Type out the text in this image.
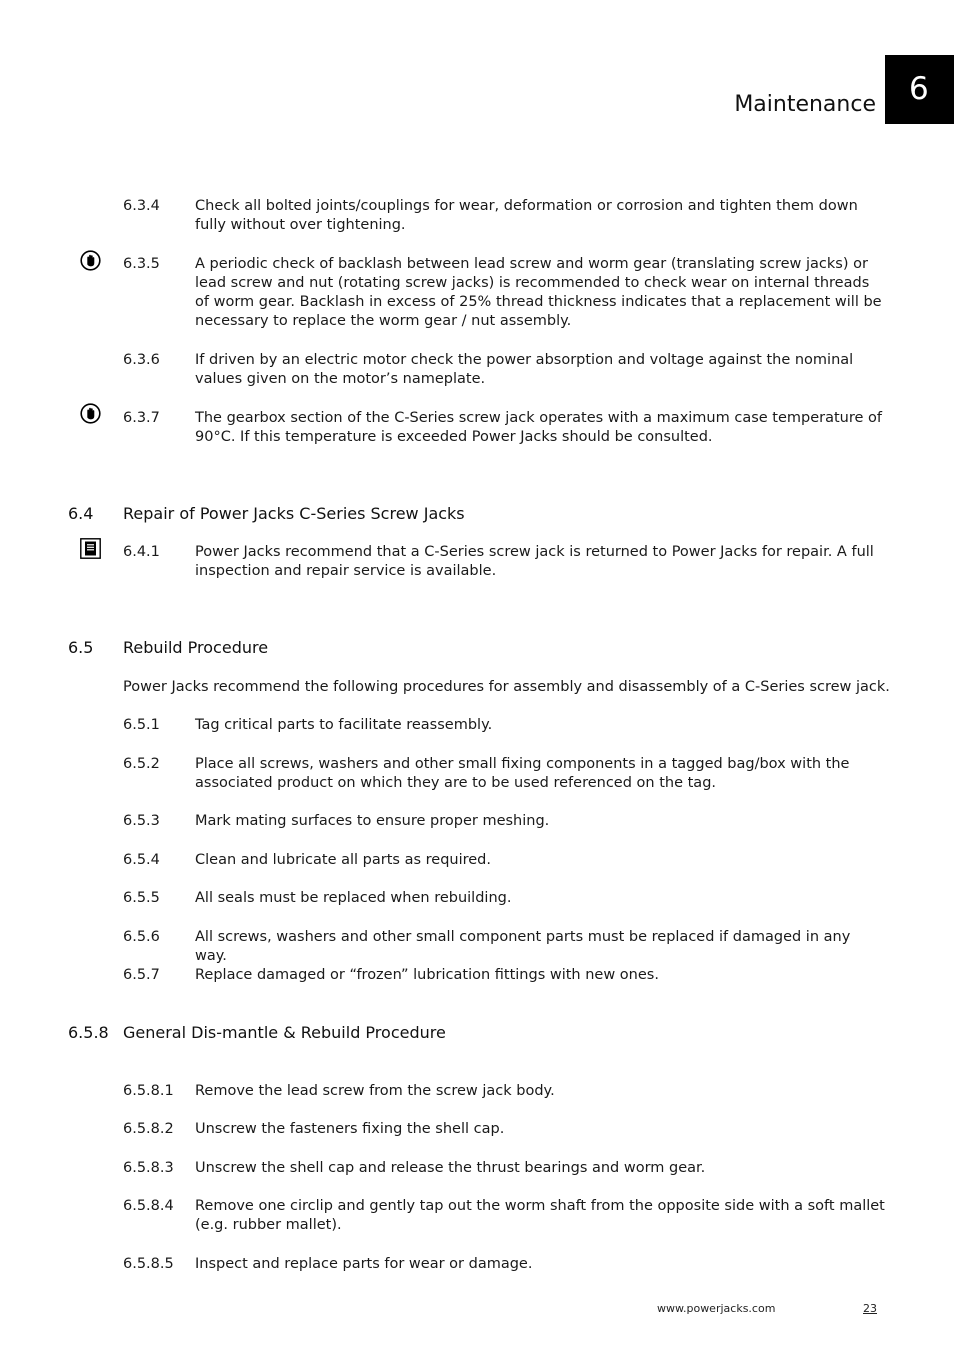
Maintenance	6
6.3.4 Check all bolted joints/couplings for wear, deformation or corrosion and tighten them down fully without over tightening.
6.3.5 A periodic check of backlash between lead screw and worm gear (translating screw jacks) or lead screw and nut (rotating screw jacks) is recommended to check wear on internal threads of worm gear. Backlash in excess of 25% thread thickness indicates that a replacement will be necessary to replace the worm gear / nut assembly.
6.3.6 If driven by an electric motor check the power absorption and voltage against the nominal values given on the motor’s nameplate.
6.3.7 The gearbox section of the C-Series screw jack operates with a maximum case temperature of 90°C. If this temperature is exceeded Power Jacks should be consulted.
6.4 Repair of Power Jacks C-Series Screw Jacks
6.4.1 Power Jacks recommend that a C-Series screw jack is returned to Power Jacks for repair. A full inspection and repair service is available.
6.5 Rebuild Procedure
Power Jacks recommend the following procedures for assembly and disassembly of a C-Series screw jack.
6.5.1 Tag critical parts to facilitate reassembly.
6.5.2 Place all screws, washers and other small fixing components in a tagged bag/box with the associated product on which they are to be used referenced on the tag.
6.5.3 Mark mating surfaces to ensure proper meshing.
6.5.4 Clean and lubricate all parts as required.
6.5.5 All seals must be replaced when rebuilding.
6.5.6 All screws, washers and other small component parts must be replaced if damaged in any way.
6.5.7 Replace damaged or “frozen” lubrication fittings with new ones.
6.5.8 General Dis-mantle & Rebuild Procedure
6.5.8.1 Remove the lead screw from the screw jack body.
6.5.8.2 Unscrew the fasteners fixing the shell cap.
6.5.8.3 Unscrew the shell cap and release the thrust bearings and worm gear.
6.5.8.4 Remove one circlip and gently tap out the worm shaft from the opposite side with a soft mallet (e.g. rubber mallet).
6.5.8.5 Inspect and replace parts for wear or damage.
www.powerjacks.com	23
